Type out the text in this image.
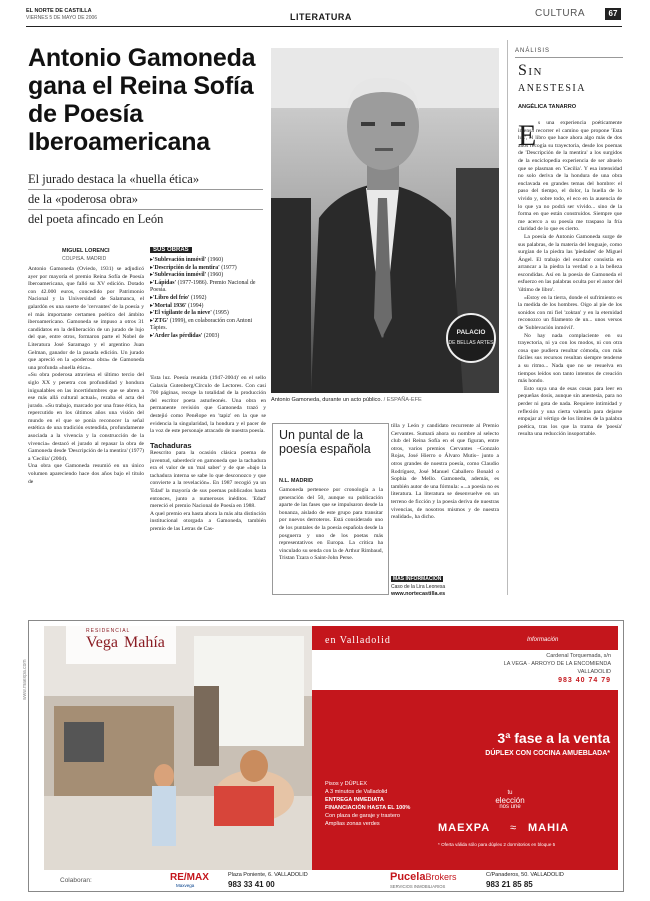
EL NORTE DE CASTILLA
VIERNES 5 DE MAYO DE 2006	LITERATURA	CULTURA	67
Antonio Gamoneda gana el Reina Sofía de Poesía Iberoamericana
El jurado destaca la «huella ética»
de la «poderosa obra»
del poeta afincado en León
MIGUEL LORENCI
COLPISA. MADRID
Antonio Gamoneda (Oviedo, 1931) se adjudicó ayer por mayoría el premio Reina Sofía de Poesía Iberoamericana, que falló su XV edición. Dotado con 42.000 euros, concedido por Patrimonio Nacional y la Universidad de Salamanca, el galardón es una suerte de 'cervantes' de la poesía y el más importante certamen poético del ámbito iberoamericano. Gamoneda se impuso a otros 31 candidatos en la deliberación de un jurado de lujo del que, entre otros, formaron parte el Nobel de Literatura José Saramago y el argentino Juan Gelman, ganador de la pasada edición. Un jurado que apreció en la «poderosa obra» de Gamoneda una profunda «huella ética».
«Su obra poderosa atraviesa el último tercio del siglo XX y penetra con profundidad y hondura inigualables en las incertidumbres que se abren a ese más allá cultural actual», rezaba el acta del jurado. «Su trabajo, marcado por una frase ética, ha repercutido en los últimos años una visión del mundo en el que se ponía reconocer la señal estética de una tradición extendida, profundamente asociada a la vivencia y la construcción de la vivencia» destacó el jurado al repasar la obra de Gamoneda desde 'Descripción de la mentira' (1977) a 'Cecilia' (2004).
Una obra que Gamoneda resumió en un único volumen apareciendo hace dos años bajo el título de
SUS OBRAS
▸'Sublevación inmóvil' (1960)
▸'Descripción de la mentira' (1977)
▸'Sublevación inmóvil' (1960)
▸'Lápidas' (1977-1986). Premio Nacional de Poesía.
▸'Libro del frío' (1992)
▸'Mortal 1936' (1994)
▸'El vigilante de la nieve' (1995)
▸'ZTG' (1999), en colaboración con Antoni Tàpies.
▸'Arder las pérdidas' (2003)
'Esta luz. Poesía reunida (1947-2004)' en el sello Galaxia Gutenberg/Círculo de Lectores. Con casi 700 páginas, recoge la totalidad de la producción del escritor poeta asturleonés. Una obra en permanente revisión que Gamoneda trazó y destejió como Penélope en 'tapiz' en la que se evidencia la singularidad, la hondura y el pacer de la voz de este personaje atracado de nuestra poesía.
Tachaduras
Reescrito para la ocasión clásica poema de juventud, saberdecir en gamoneda que la tachadura era el valor de un 'mal saber' y de que «bajo la tachadura interna se sabe lo que desconozco y que convierte a la revelación». En 1987 recogió ya un 'Edad' la mayoría de sus poemas publicados hasta entonces, junto a numerosos inéditos. 'Edad' mereció el premio Nacional de Poesía en 1988.
A quel premio era hasta ahora la más alta distinción institucional otorgada a Gamoneda, también premio de las Letras de Cas-
PALACIO
DE BELLAS ARTES
Antonio Gamoneda, durante un acto público. / ESPAÑA-EFE
Un puntal de la poesía española
N.L. MADRID
Gamoneda pertenece por cronología a la generación del 50, aunque su publicación aparte de las fases que se impulsaron desde la bonanza, aislado de este grupo para transitar por nuevos derroteros. Está considerado uno de los puntales de la poesía española desde la posguerra y uno de los poetas más representativos en Europa. La crítica ha vinculado su senda con la de Arthur Rimbaud, Tristan Tzara o Saint-John Perse.
tilla y León y candidato recurrente al Premio Cervantes. Sumará ahora su nombre al selecto club del Reina Sofía en el que figuran, entre otros, varios premios Cervantes –Gonzalo Rojas, José Hierro o Álvaro Mutis– junto a otros grandes de nuestra poesía, como Claudio Rodríguez, José Manuel Caballero Bonald o Sophia de Mello. Gamoneda, además, es también autor de una fórmula: «...a poesía no es literatura. La literatura se desenvuelve en un terreno de ficción y la poesía deriva de nuestras vivencias, de nosotros mismos y de nuestra realidad», ha dicho.
MÁS INFORMACIÓN
Caso de la Lira Leonesa
www.nortecastilla.es
ANÁLISIS
Sin
anestesia
ANGÉLICA TANARRO
E s una experiencia poéticamente intensa recorrer el camino que propone 'Esta luz', el libro que hace ahora algo más de dos años recogía su trayectoria, desde los poemas de 'Descripción de la mentira' a los surgidos de la enciclopedia experiencia de ser abuelo que se plasman en 'Cecilia'. Y esa intensidad no solo deriva de la hondura de una obra enclavada en grandes temas del hombre: el paso del tiempo, el dolor, la huella de lo vivido y, sobre todo, el eco en la ausencia de lo que ya no podrá ser vivido... sino de la forma en que están construidos. Siempre que me acerco a su poesía me traspaso la fría claridad de lo que es cierto.

La poesía de Antonio Gamoneda surge de sus palabras, de la materia del lenguaje, como surgían de la piedra las 'piedades' de Miguel Ángel. El trabajo del escultor consistía en arrancar a la piedra la verdad o a la belleza escondidas. Así en la poesía de Gamoneda el esfuerzo en las palabras oculta por el autor del 'último de libro'.

«Estoy en la tierra, donde el sufrimiento es la medida de los hombres. Oigo al pie de los sonidos con mi fiel 'zoktan' y en la eternidad reconozco un filamento de un... unos versos de 'Sublevación inmóvil'.

No hay nada complaciente en su trayectoria, ni ya con los modos, ni con otra cosa que pudiera resultar cómoda, con más fáciles sus recursos resultan siempre tenderse a su ritmo... Nada que no se resuelva en tiempos leídos son tanto intentos de creación más hondo.

Esto suya una de esas cosas para leer en pequeñas dosis, aunque sin anestesia, para no perder ni gota de nada. Requiere intimidad y reflexión y una cierta valentía para dejarse empujar al vértigo de los límites de la palabra poética, tras los que la trama de 'poesía' resulta una reducción insoportable.

www.maexpa.com
RESIDENCIAL
Vega Mahía	en Valladolid	Información
Cardenal Torquemada, s/n
LA VEGA · ARROYO DE LA ENCOMIENDA
VALLADOLID
983 40 74 79
3ª fase a la venta
DÚPLEX CON COCINA AMUEBLADA*
Pisos y DÚPLEX
A 3 minutos de Valladolid
ENTREGA INMEDIATA
FINANCIACIÓN HASTA EL 100%
Con plaza de garaje y trastero
Amplias zonas verdes
tu
elección
nos une
MAEXPA ≈ MAHIA
* Oferta válida sólo para dúplex 2 dormitorios en bloque 5
Colaboran:	RE/MAX
Maxvega
Plaza Poniente, 6. VALLADOLID
983 33 41 00
PucelaBrokers
SERVICIOS INMOBILIARIOS
C/Panaderos, 50. VALLADOLID
983 21 85 85
